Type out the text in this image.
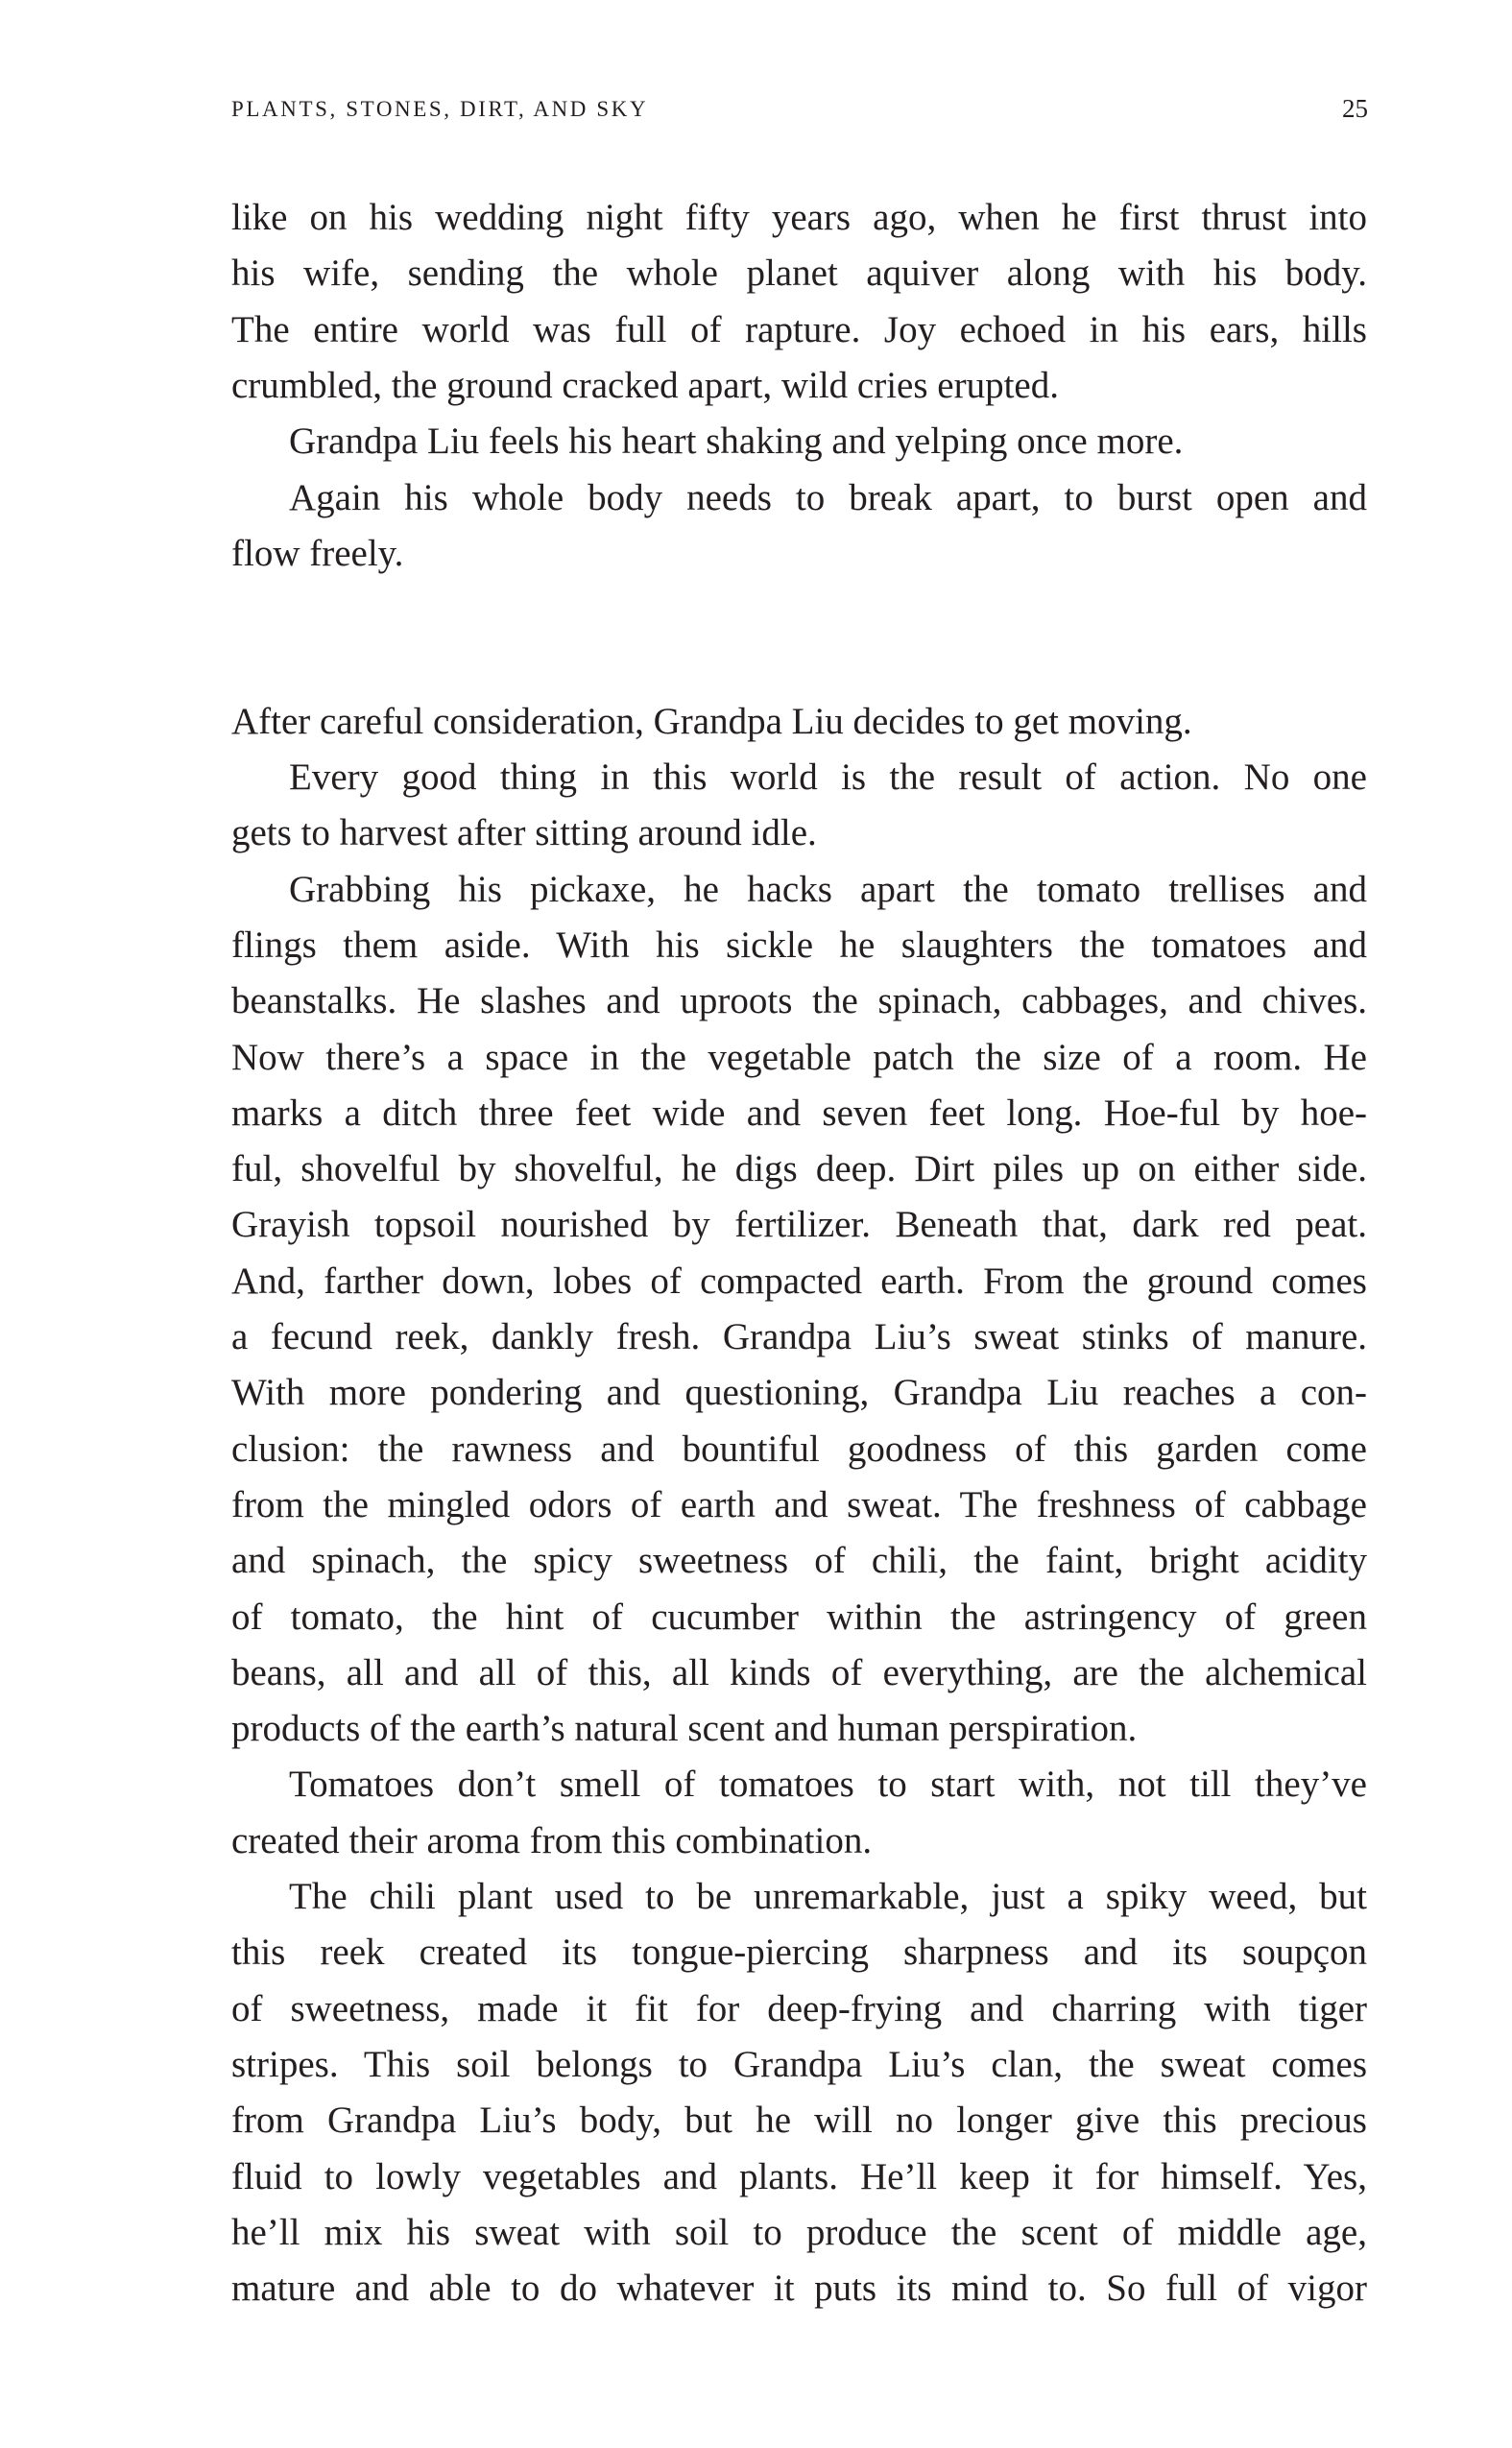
PLANTS, STONES, DIRT, AND SKY	25
like on his wedding night fifty years ago, when he first thrust into
his wife, sending the whole planet aquiver along with his body.
The entire world was full of rapture. Joy echoed in his ears, hills
crumbled, the ground cracked apart, wild cries erupted.
Grandpa Liu feels his heart shaking and yelping once more.
Again his whole body needs to break apart, to burst open and
flow freely.
After careful consideration, Grandpa Liu decides to get moving.
Every good thing in this world is the result of action. No one
gets to harvest after sitting around idle.
Grabbing his pickaxe, he hacks apart the tomato trellises and
flings them aside. With his sickle he slaughters the tomatoes and
beanstalks. He slashes and uproots the spinach, cabbages, and chives.
Now there’s a space in the vegetable patch the size of a room. He
marks a ditch three feet wide and seven feet long. Hoe-ful by hoe-
ful, shovelful by shovelful, he digs deep. Dirt piles up on either side.
Grayish topsoil nourished by fertilizer. Beneath that, dark red peat.
And, farther down, lobes of compacted earth. From the ground comes
a fecund reek, dankly fresh. Grandpa Liu’s sweat stinks of manure.
With more pondering and questioning, Grandpa Liu reaches a con-
clusion: the rawness and bountiful goodness of this garden come
from the mingled odors of earth and sweat. The freshness of cabbage
and spinach, the spicy sweetness of chili, the faint, bright acidity
of tomato, the hint of cucumber within the astringency of green
beans, all and all of this, all kinds of everything, are the alchemical
products of the earth’s natural scent and human perspiration.
Tomatoes don’t smell of tomatoes to start with, not till they’ve
created their aroma from this combination.
The chili plant used to be unremarkable, just a spiky weed, but
this reek created its tongue-piercing sharpness and its soupçon
of sweetness, made it fit for deep-frying and charring with tiger
stripes. This soil belongs to Grandpa Liu’s clan, the sweat comes
from Grandpa Liu’s body, but he will no longer give this precious
fluid to lowly vegetables and plants. He’ll keep it for himself. Yes,
he’ll mix his sweat with soil to produce the scent of middle age,
mature and able to do whatever it puts its mind to. So full of vigor
